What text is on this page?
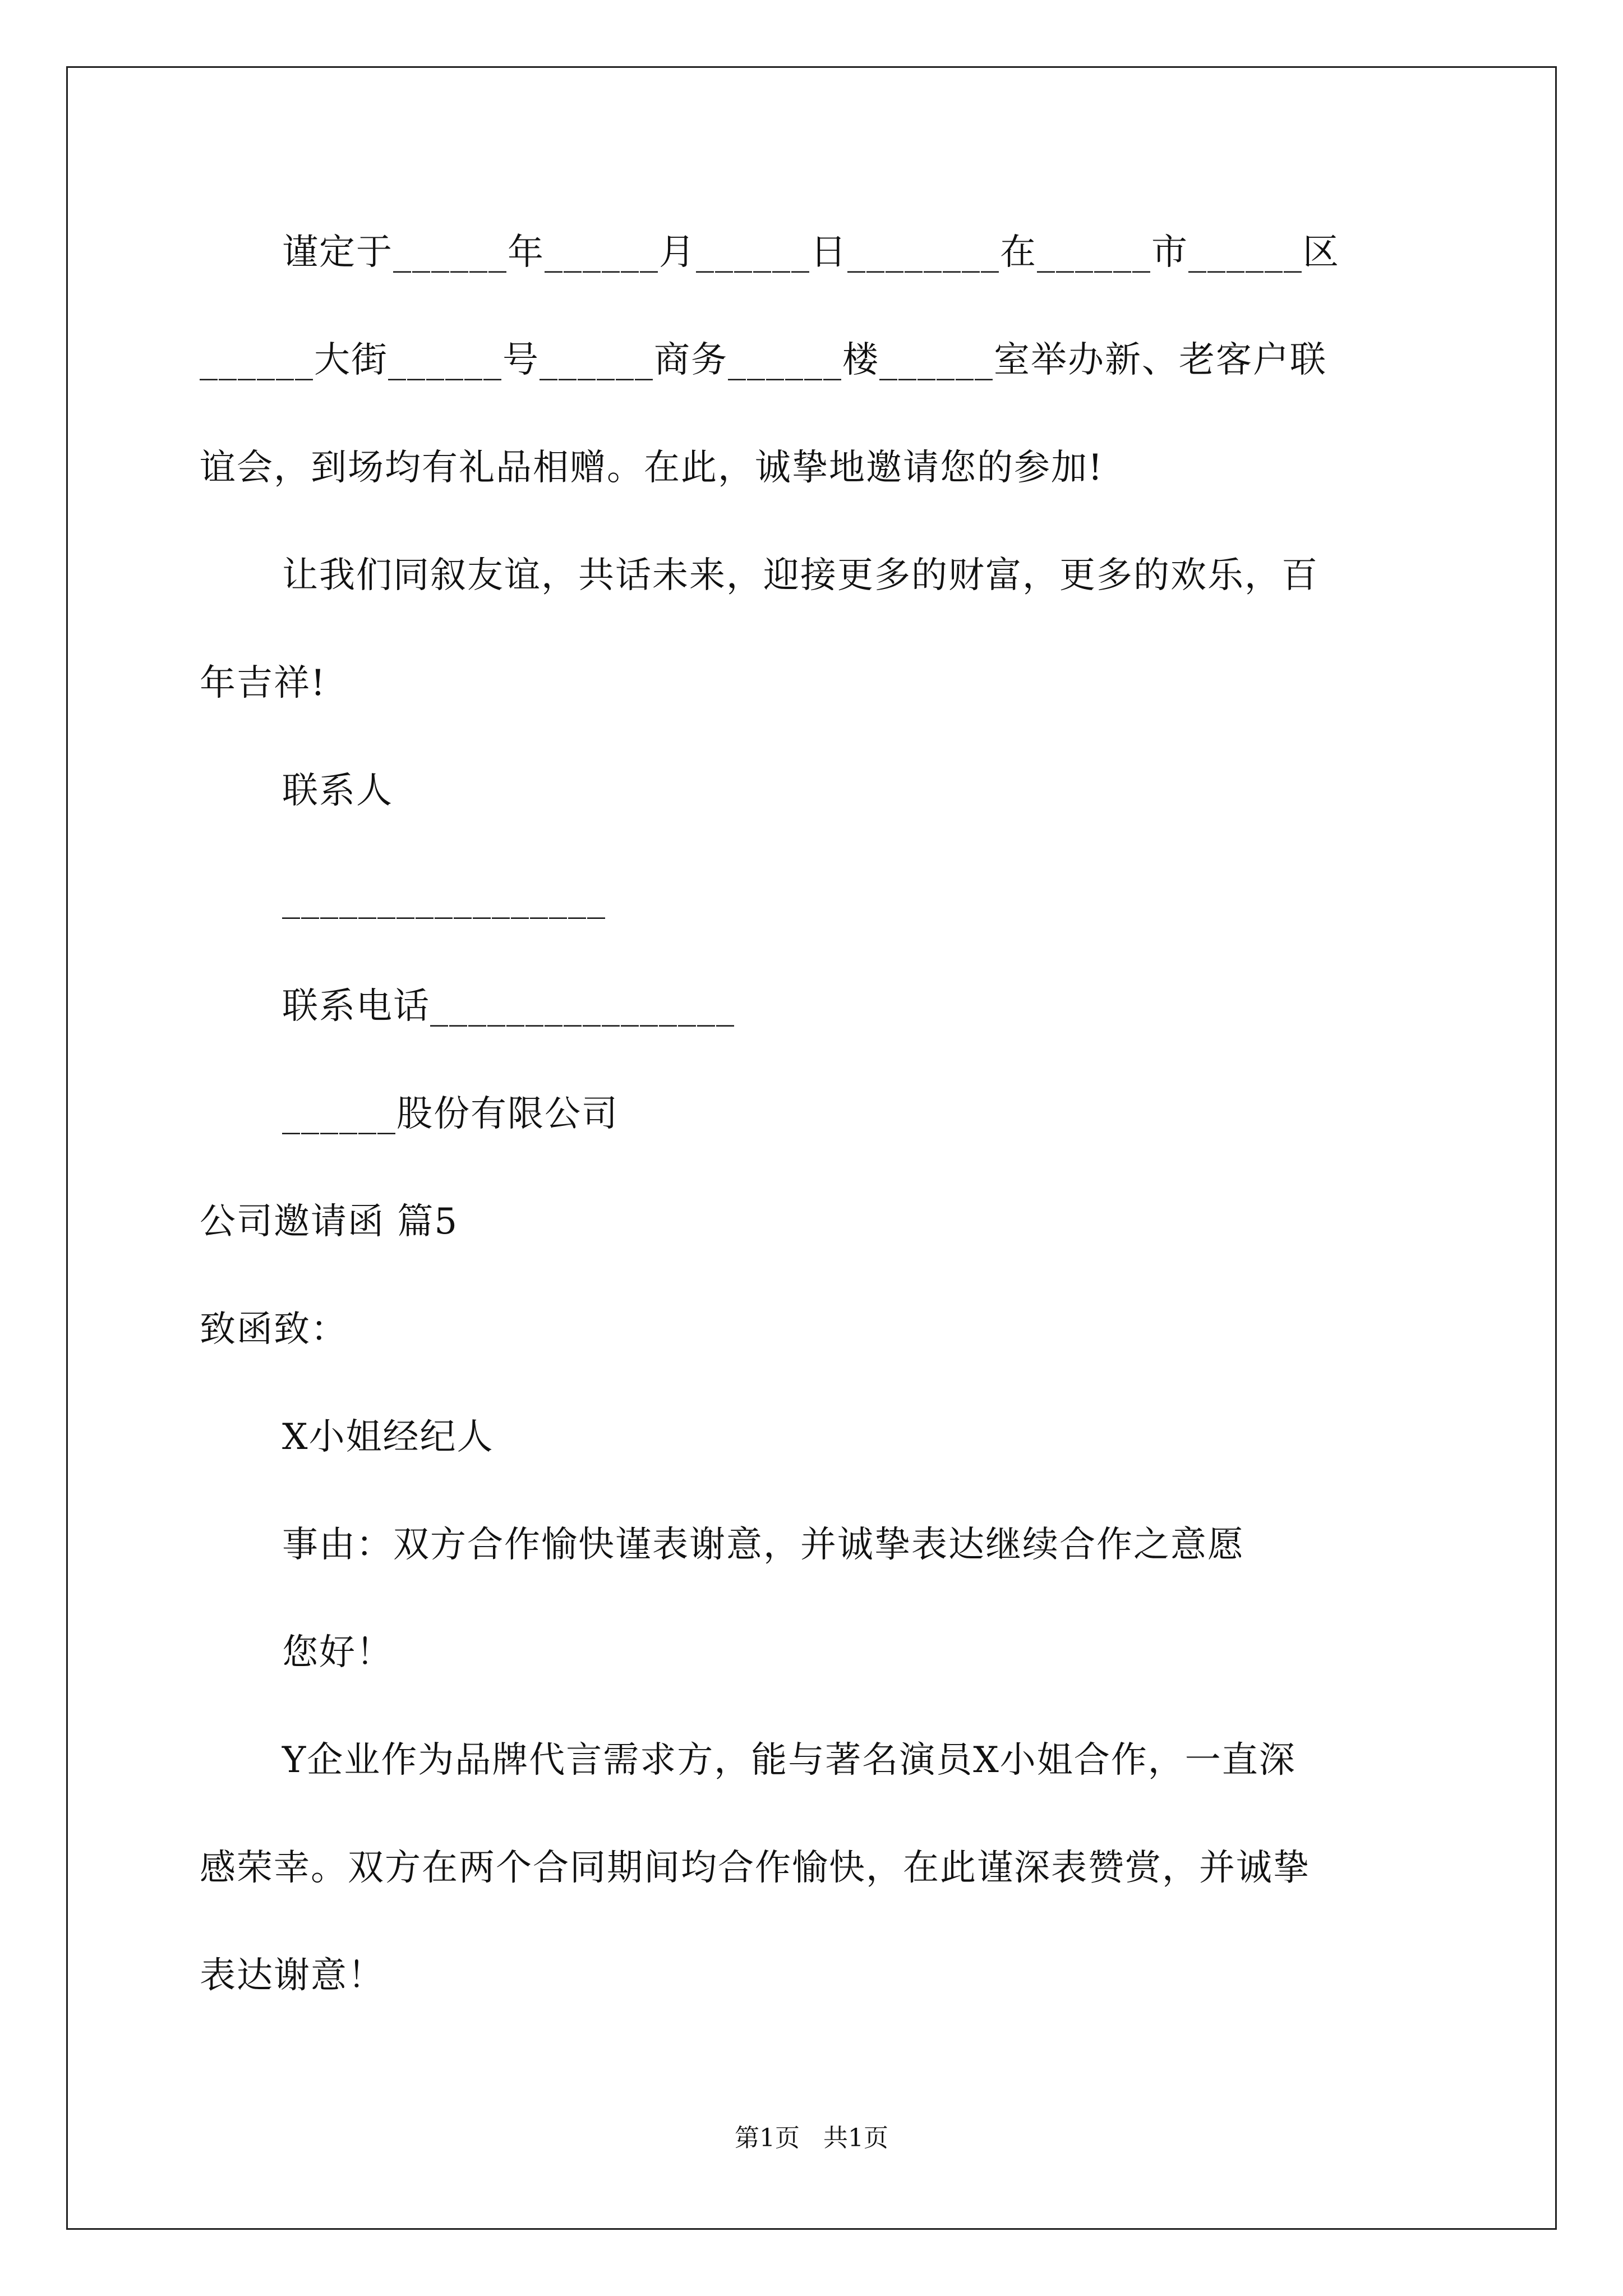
谨定于______年______月______日________在______市______区
______大街______号______商务______楼______室举办新、老客户联
谊会，到场均有礼品相赠。在此，诚挚地邀请您的参加!
让我们同叙友谊，共话未来，迎接更多的财富，更多的欢乐，百
年吉祥!
联系人
_________________
联系电话________________
______股份有限公司
公司邀请函 篇5
致函致：
X小姐经纪人
事由：双方合作愉快谨表谢意，并诚挚表达继续合作之意愿
您好！
Y企业作为品牌代言需求方，能与著名演员X小姐合作，一直深
感荣幸。双方在两个合同期间均合作愉快，在此谨深表赞赏，并诚挚
表达谢意！
第1页 共1页
